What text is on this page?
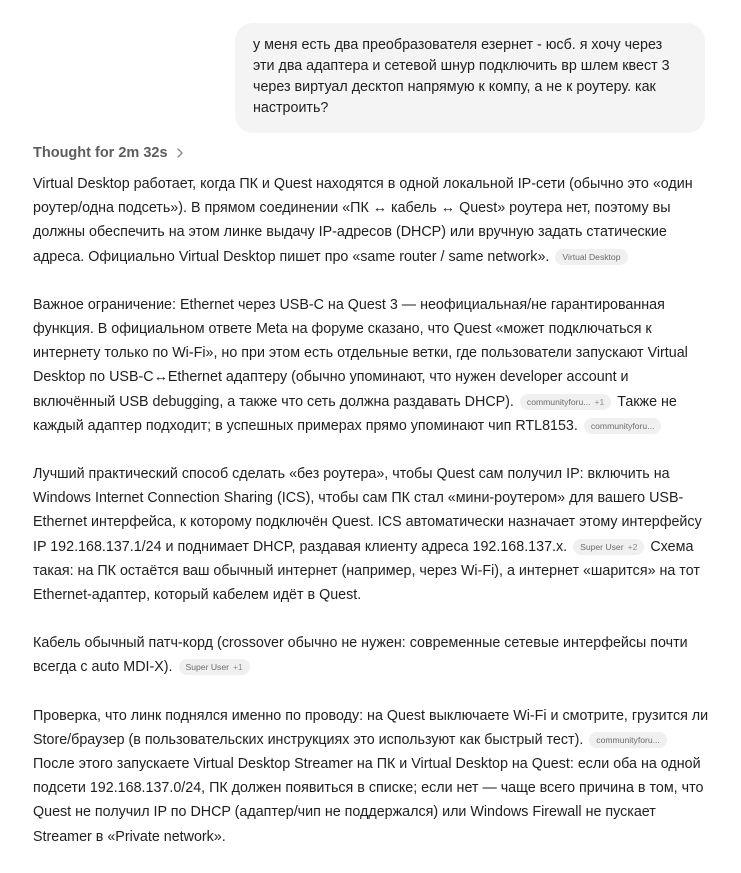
у меня есть два преобразователя езернет - юсб. я хочу через эти два адаптера и сетевой шнур подключить вр шлем квест 3 через виртуал десктоп напрямую к компу, а не к роутеру. как настроить?
Thought for 2m 32s

Virtual Desktop работает, когда ПК и Quest находятся в одной локальной IP-сети (обычно это «один роутер/одна подсеть»). В прямом соединении «ПК ↔ кабель ↔ Quest» роутера нет, поэтому вы должны обеспечить на этом линке выдачу IP-адресов (DHCP) или вручную задать статические адреса. Официально Virtual Desktop пишет про «same router / same network». Virtual Desktop

Важное ограничение: Ethernet через USB-C на Quest 3 — неофициальная/не гарантированная функция. В официальном ответе Meta на форуме сказано, что Quest «может подключаться к интернету только по Wi-Fi», но при этом есть отдельные ветки, где пользователи запускают Virtual Desktop по USB-C↔Ethernet адаптеру (обычно упоминают, что нужен developer account и включённый USB debugging, а также что сеть должна раздавать DHCP). communityforu... +1 Также не каждый адаптер подходит; в успешных примерах прямо упоминают чип RTL8153. communityforu...

Лучший практический способ сделать «без роутера», чтобы Quest сам получил IP: включить на Windows Internet Connection Sharing (ICS), чтобы сам ПК стал «мини-роутером» для вашего USB-Ethernet интерфейса, к которому подключён Quest. ICS автоматически назначает этому интерфейсу IP 192.168.137.1/24 и поднимает DHCP, раздавая клиенту адреса 192.168.137.x. Super User +2 Схема такая: на ПК остаётся ваш обычный интернет (например, через Wi-Fi), а интернет «шарится» на тот Ethernet-адаптер, который кабелем идёт в Quest.

Кабель обычный патч-корд (crossover обычно не нужен: современные сетевые интерфейсы почти всегда с auto MDI-X). Super User +1

Проверка, что линк поднялся именно по проводу: на Quest выключаете Wi-Fi и смотрите, грузится ли Store/браузер (в пользовательских инструкциях это используют как быстрый тест). communityforu... После этого запускаете Virtual Desktop Streamer на ПК и Virtual Desktop на Quest: если оба на одной подсети 192.168.137.0/24, ПК должен появиться в списке; если нет — чаще всего причина в том, что Quest не получил IP по DHCP (адаптер/чип не поддержался) или Windows Firewall не пускает Streamer в «Private network».
